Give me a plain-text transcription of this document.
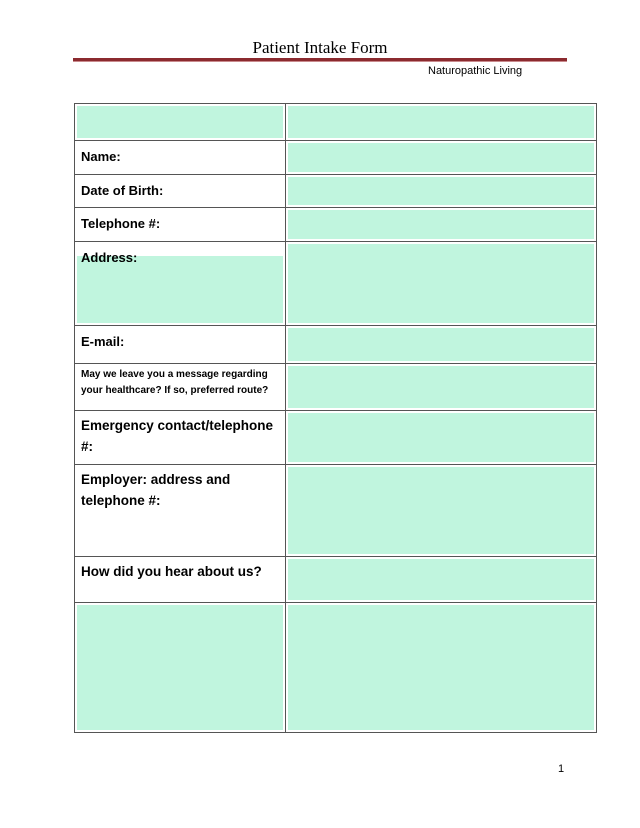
Patient Intake Form
Naturopathic Living
Name:
Date of Birth:
Telephone #:
Address:
E-mail:
May we leave you a message regarding your healthcare? If so, preferred route?
Emergency contact/telephone #:
Employer: address and telephone #:
How did you hear about us?
1
